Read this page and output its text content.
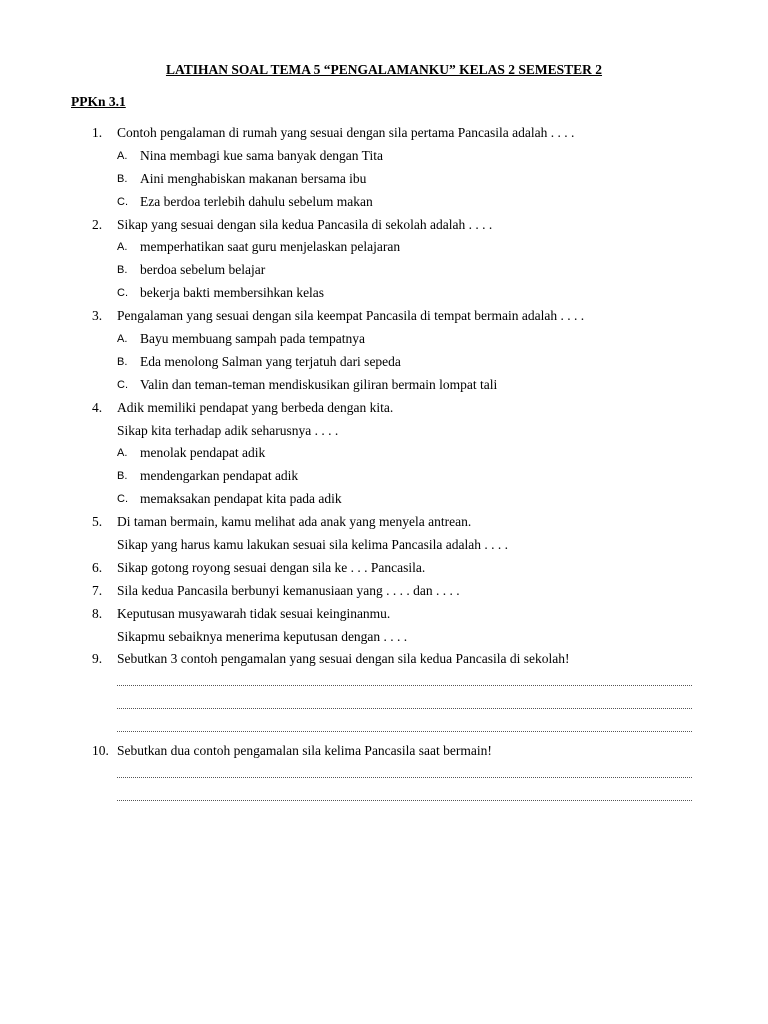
LATIHAN SOAL TEMA 5 “PENGALAMANKU” KELAS 2 SEMESTER 2
PPKn 3.1
1.	Contoh pengalaman di rumah yang sesuai dengan sila pertama Pancasila adalah . . . .
A. Nina membagi kue sama banyak dengan Tita
B. Aini menghabiskan makanan bersama ibu
C. Eza berdoa terlebih dahulu sebelum makan
2.	Sikap yang sesuai dengan sila kedua Pancasila di sekolah adalah . . . .
A. memperhatikan saat guru menjelaskan pelajaran
B. berdoa sebelum belajar
C. bekerja bakti membersihkan kelas
3.	Pengalaman yang sesuai dengan sila keempat Pancasila di tempat bermain adalah . . . .
A. Bayu membuang sampah pada tempatnya
B. Eda menolong Salman yang terjatuh dari sepeda
C. Valin dan teman-teman mendiskusikan giliran bermain lompat tali
4.	Adik memiliki pendapat yang berbeda dengan kita.
Sikap kita terhadap adik seharusnya . . . .
A. menolak pendapat adik
B. mendengarkan pendapat adik
C. memaksakan pendapat kita pada adik
5.	Di taman bermain, kamu melihat ada anak yang menyela antrean.
Sikap yang harus kamu lakukan sesuai sila kelima Pancasila adalah . . . .
6.	Sikap gotong royong sesuai dengan sila ke . . . Pancasila.
7.	Sila kedua Pancasila berbunyi kemanusiaan yang . . . . dan . . . .
8.	Keputusan musyawarah tidak sesuai keinginanmu.
Sikapmu sebaiknya menerima keputusan dengan . . . .
9.	Sebutkan 3 contoh pengamalan yang sesuai dengan sila kedua Pancasila di sekolah!
10. Sebutkan dua contoh pengamalan sila kelima Pancasila saat bermain!
